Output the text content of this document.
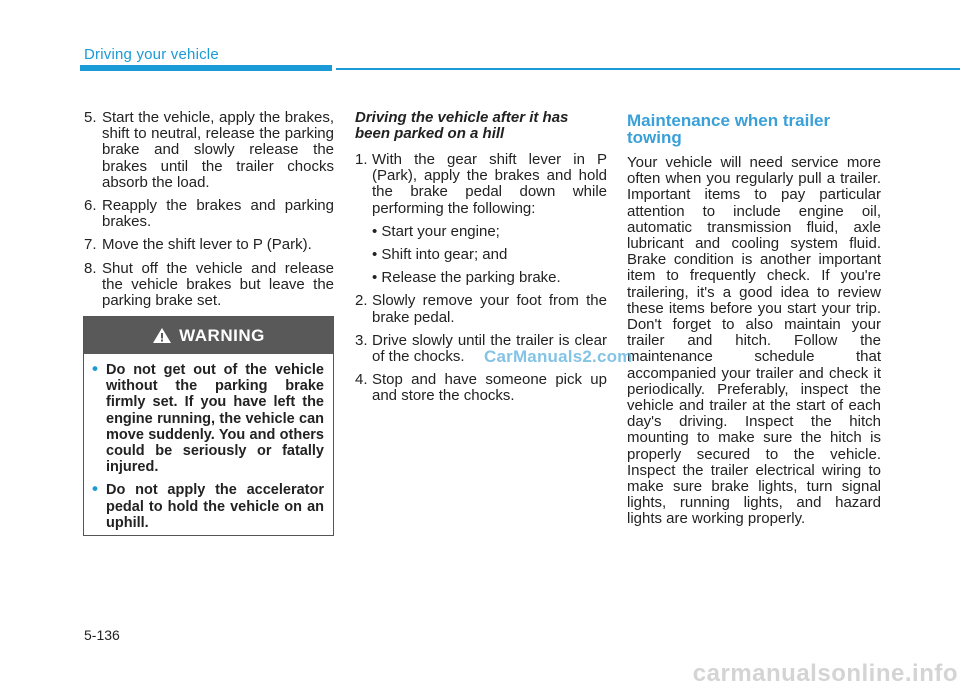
Driving your vehicle
5. Start the vehicle, apply the brakes, shift to neutral, release the parking brake and slowly release the brakes until the trailer chocks absorb the load.
6. Reapply the brakes and parking brakes.
7. Move the shift lever to P (Park).
8. Shut off the vehicle and release the vehicle brakes but leave the parking brake set.
WARNING
• Do not get out of the vehicle without the parking brake firmly set. If you have left the engine running, the vehicle can move suddenly. You and others could be seriously or fatally injured.
• Do not apply the accelerator pedal to hold the vehicle on an uphill.
Driving the vehicle after it has been parked on a hill
1. With the gear shift lever in P (Park), apply the brakes and hold the brake pedal down while performing the following:
• Start your engine;
• Shift into gear; and
• Release the parking brake.
2. Slowly remove your foot from the brake pedal.
3. Drive slowly until the trailer is clear of the chocks.
4. Stop and have someone pick up and store the chocks.
Maintenance when trailer towing
Your vehicle will need service more often when you regularly pull a trailer. Important items to pay particular attention to include engine oil, automatic transmission fluid, axle lubricant and cooling system fluid. Brake condition is another important item to frequently check. If you're trailering, it's a good idea to review these items before you start your trip. Don't forget to also maintain your trailer and hitch. Follow the maintenance schedule that accompanied your trailer and check it periodically. Preferably, inspect the vehicle and trailer at the start of each day's driving. Inspect the hitch mounting to make sure the hitch is properly secured to the vehicle. Inspect the trailer electrical wiring to make sure brake lights, turn signal lights, running lights, and hazard lights are working properly.
CarManuals2.com
5-136
carmanualsonline.info
